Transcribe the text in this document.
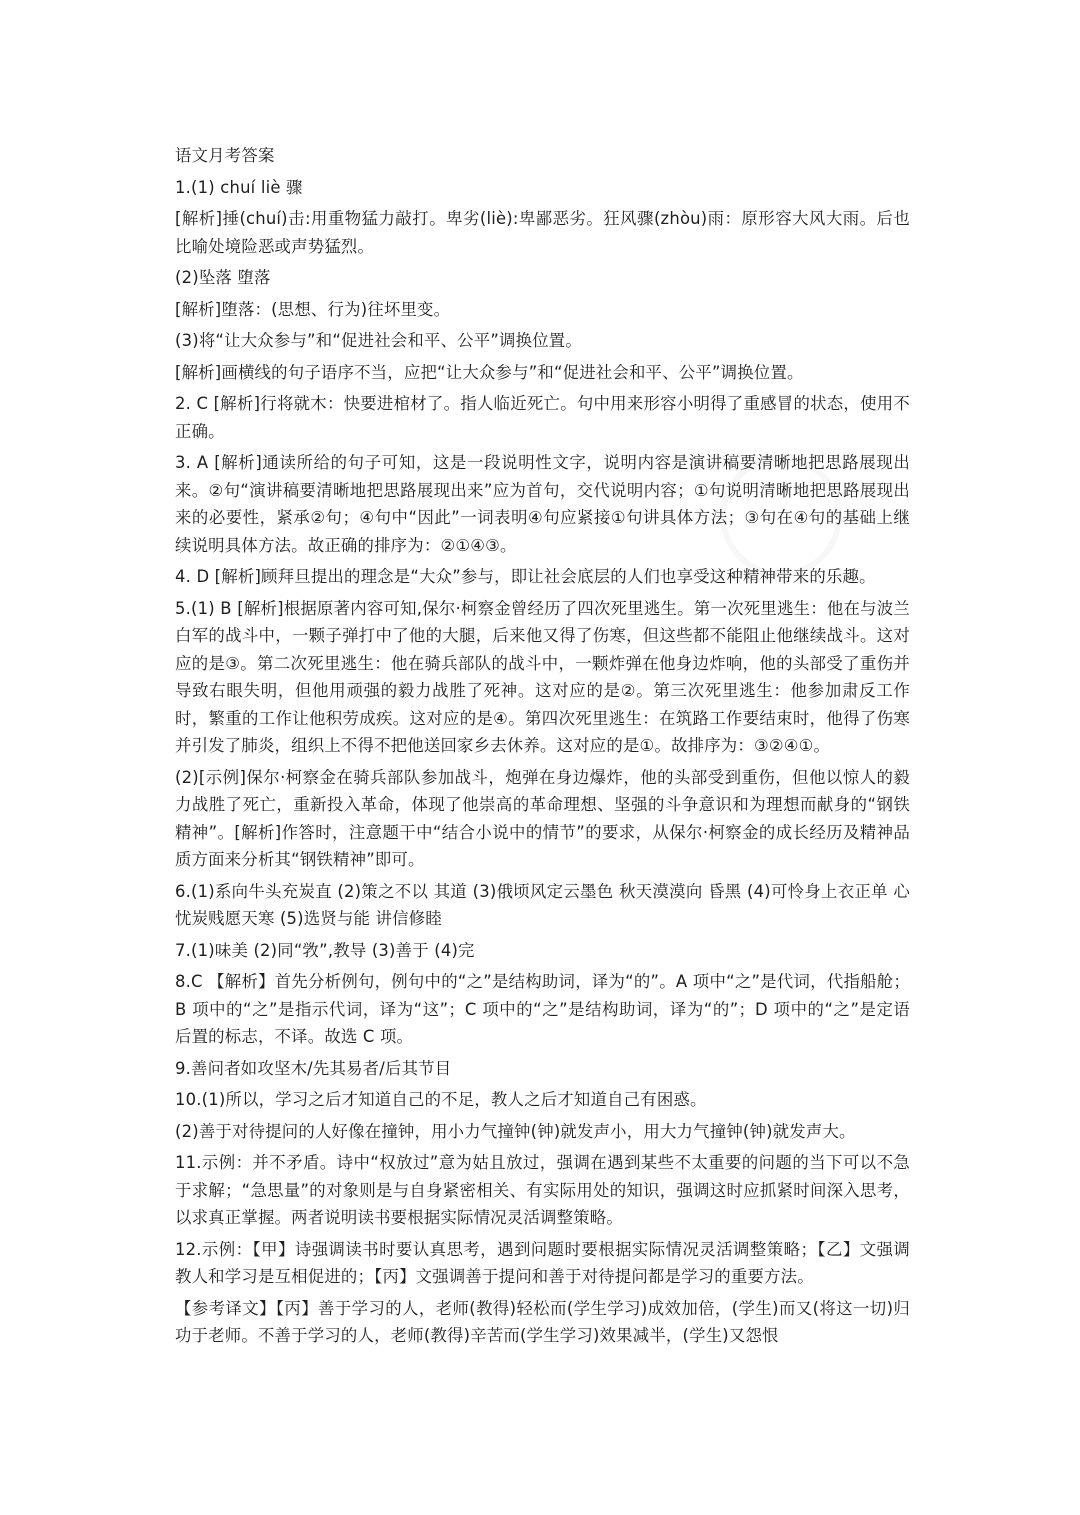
语文月考答案

1.(1) chuí liè 骤

[解析]捶(chuí)击:用重物猛力敲打。卑劣(liè):卑鄙恶劣。狂风骤(zhòu)雨：原形容大风大雨。后也比喻处境险恶或声势猛烈。

(2)坠落 堕落

[解析]堕落：(思想、行为)往坏里变。

(3)将“让大众参与”和“促进社会和平、公平”调换位置。

[解析]画横线的句子语序不当，应把“让大众参与”和“促进社会和平、公平”调换位置。

2. C [解析]行将就木：快要进棺材了。指人临近死亡。句中用来形容小明得了重感冒的状态，使用不正确。

3. A [解析]通读所给的句子可知，这是一段说明性文字，说明内容是演讲稿要清晰地把思路展现出来。②句“演讲稿要清晰地把思路展现出来”应为首句，交代说明内容；①句说明清晰地把思路展现出来的必要性，紧承②句；④句中“因此”一词表明④句应紧接①句讲具体方法；③句在④句的基础上继续说明具体方法。故正确的排序为：②①④③。

4. D [解析]顾拜旦提出的理念是“大众”参与，即让社会底层的人们也享受这种精神带来的乐趣。

5.(1) B [解析]根据原著内容可知,保尔·柯察金曾经历了四次死里逃生。第一次死里逃生：他在与波兰白军的战斗中，一颗子弹打中了他的大腿，后来他又得了伤寒，但这些都不能阻止他继续战斗。这对应的是③。第二次死里逃生：他在骑兵部队的战斗中，一颗炸弹在他身边炸响，他的头部受了重伤并导致右眼失明，但他用顽强的毅力战胜了死神。这对应的是②。第三次死里逃生：他参加肃反工作时，繁重的工作让他积劳成疾。这对应的是④。第四次死里逃生：在筑路工作要结束时，他得了伤寒并引发了肺炎，组织上不得不把他送回家乡去休养。这对应的是①。故排序为：③②④①。

(2)[示例]保尔·柯察金在骑兵部队参加战斗，炮弹在身边爆炸，他的头部受到重伤，但他以惊人的毅力战胜了死亡，重新投入革命，体现了他崇高的革命理想、坚强的斗争意识和为理想而献身的“钢铁精神”。[解析]作答时，注意题干中“结合小说中的情节”的要求，从保尔·柯察金的成长经历及精神品质方面来分析其“钢铁精神”即可。

6.(1)系向牛头充炭直 (2)策之不以 其道 (3)俄顷风定云墨色 秋天漠漠向 昏黑 (4)可怜身上衣正单 心忧炭贱愿天寒 (5)选贤与能 讲信修睦

7.(1)味美 (2)同“敩”,教导 (3)善于 (4)完

8.C 【解析】首先分析例句，例句中的“之”是结构助词，译为“的”。A 项中“之”是代词，代指船舱；B 项中的“之”是指示代词，译为“这”；C 项中的“之”是结构助词，译为“的”；D 项中的“之”是定语后置的标志，不译。故选 C 项。

9.善问者如攻坚木/先其易者/后其节目

10.(1)所以，学习之后才知道自己的不足，教人之后才知道自己有困惑。

(2)善于对待提问的人好像在撞钟，用小力气撞钟(钟)就发声小，用大力气撞钟(钟)就发声大。

11.示例：并不矛盾。诗中“权放过”意为姑且放过，强调在遇到某些不太重要的问题的当下可以不急于求解；“急思量”的对象则是与自身紧密相关、有实际用处的知识，强调这时应抓紧时间深入思考，以求真正掌握。两者说明读书要根据实际情况灵活调整策略。

12.示例：【甲】诗强调读书时要认真思考，遇到问题时要根据实际情况灵活调整策略；【乙】文强调教人和学习是互相促进的；【丙】文强调善于提问和善于对待提问都是学习的重要方法。

【参考译文】【丙】善于学习的人，老师(教得)轻松而(学生学习)成效加倍，(学生)而又(将这一切)归功于老师。不善于学习的人，老师(教得)辛苦而(学生学习)效果减半，(学生)又怨恨
